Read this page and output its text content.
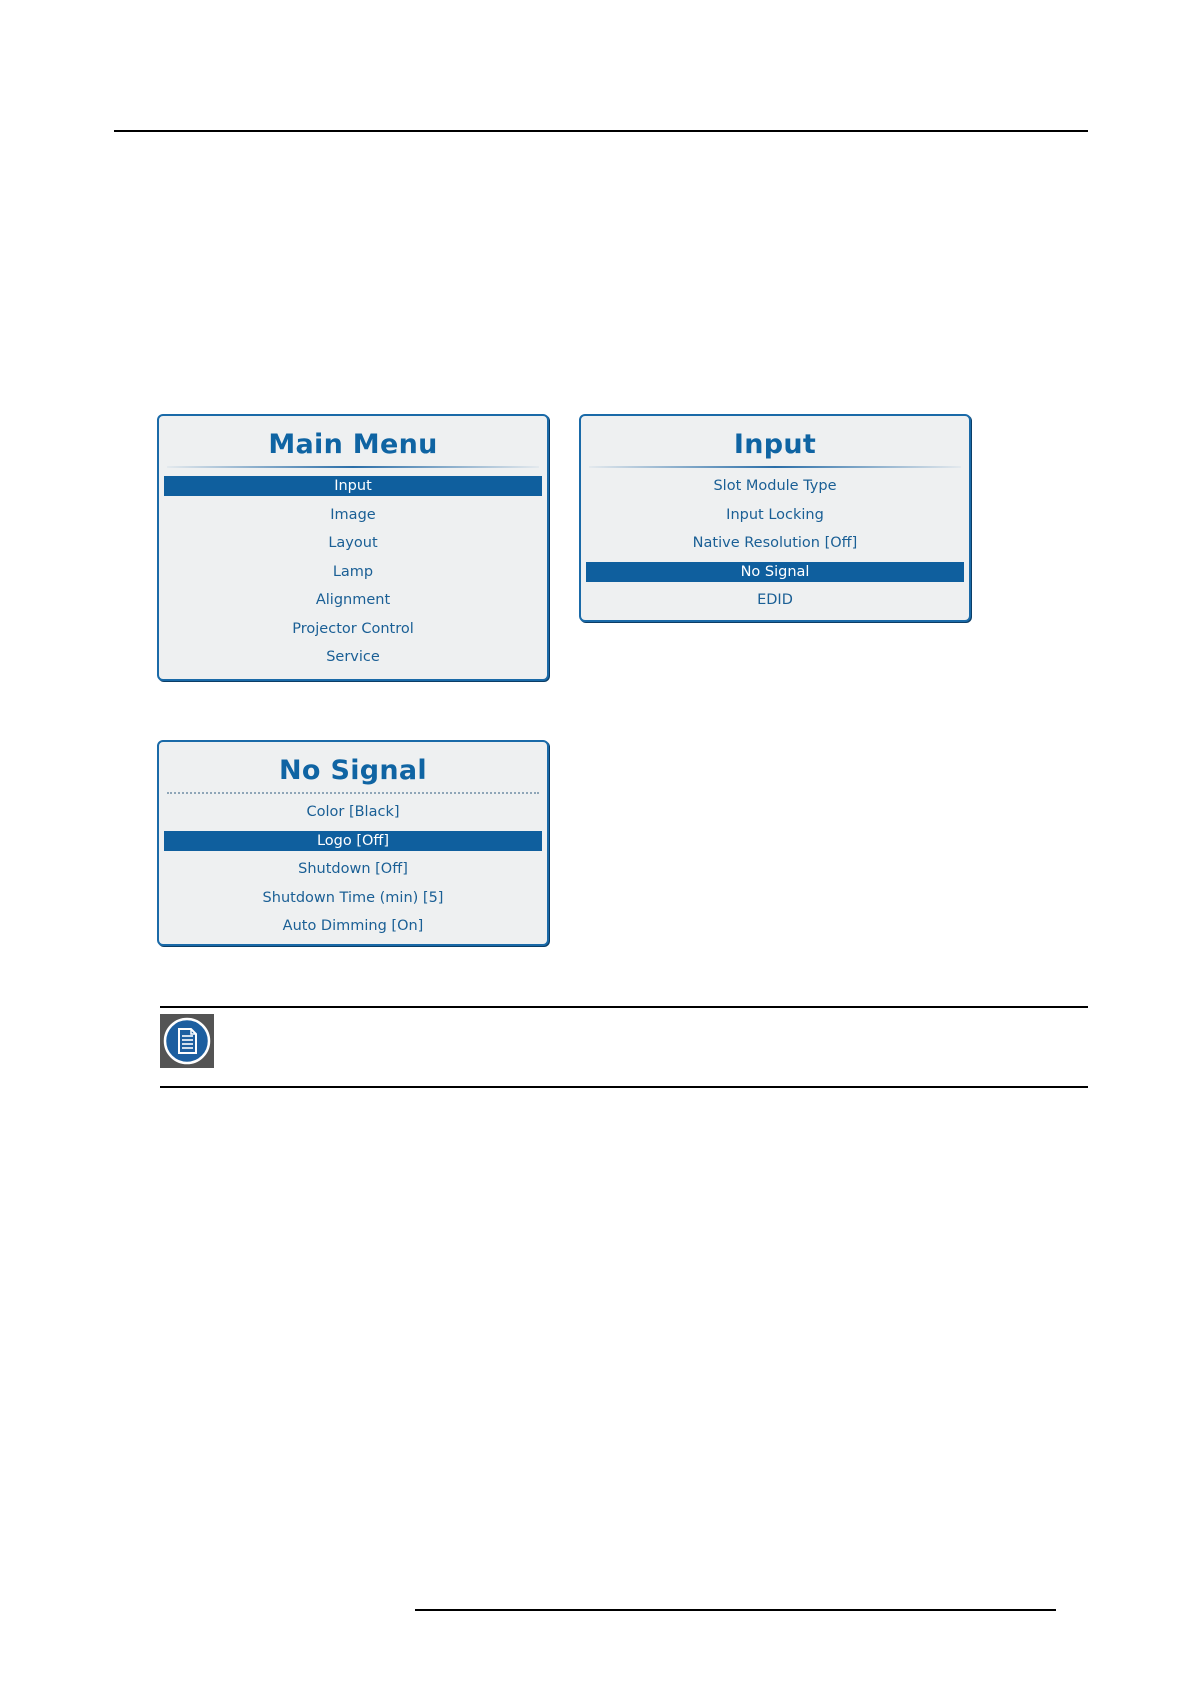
Main Menu
Input
Image
Layout
Lamp
Alignment
Projector Control
Service
Input
Slot Module Type
Input Locking
Native Resolution [Off]
No Signal
EDID
No Signal
Color [Black]
Logo [Off]
Shutdown [Off]
Shutdown Time (min) [5]
Auto Dimming [On]
